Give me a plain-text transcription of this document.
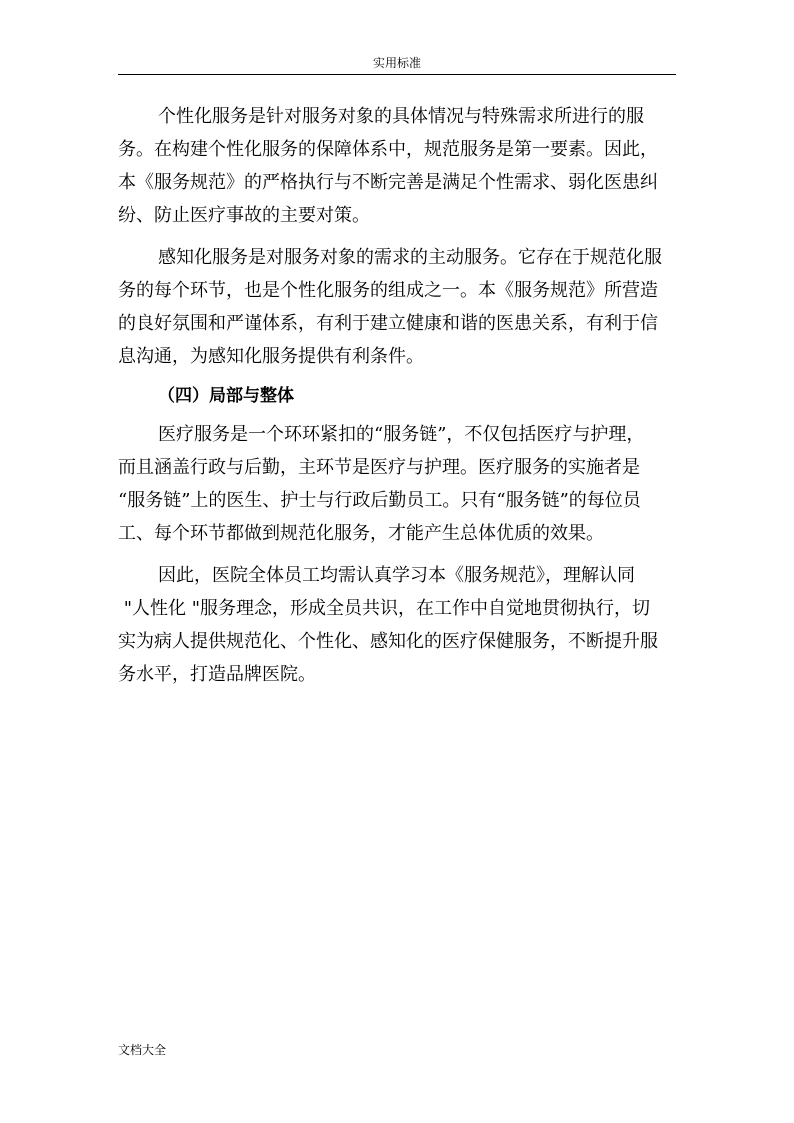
实用标准

个性化服务是针对服务对象的具体情况与特殊需求所进行的服
务。在构建个性化服务的保障体系中，规范服务是第一要素。因此，
本《服务规范》的严格执行与不断完善是满足个性需求、弱化医患纠
纷、防止医疗事故的主要对策。

感知化服务是对服务对象的需求的主动服务。它存在于规范化服
务的每个环节，也是个性化服务的组成之一。本《服务规范》所营造
的良好氛围和严谨体系，有利于建立健康和谐的医患关系，有利于信
息沟通，为感知化服务提供有利条件。

（四）局部与整体

医疗服务是一个环环紧扣的“服务链”，不仅包括医疗与护理，
而且涵盖行政与后勤，主环节是医疗与护理。医疗服务的实施者是
“服务链”上的医生、护士与行政后勤员工。只有“服务链”的每位员
工、每个环节都做到规范化服务，才能产生总体优质的效果。

因此，医院全体员工均需认真学习本《服务规范》，理解认同
"人性化 "服务理念，形成全员共识，在工作中自觉地贯彻执行，切
实为病人提供规范化、个性化、感知化的医疗保健服务，不断提升服
务水平，打造品牌医院。

文档大全
